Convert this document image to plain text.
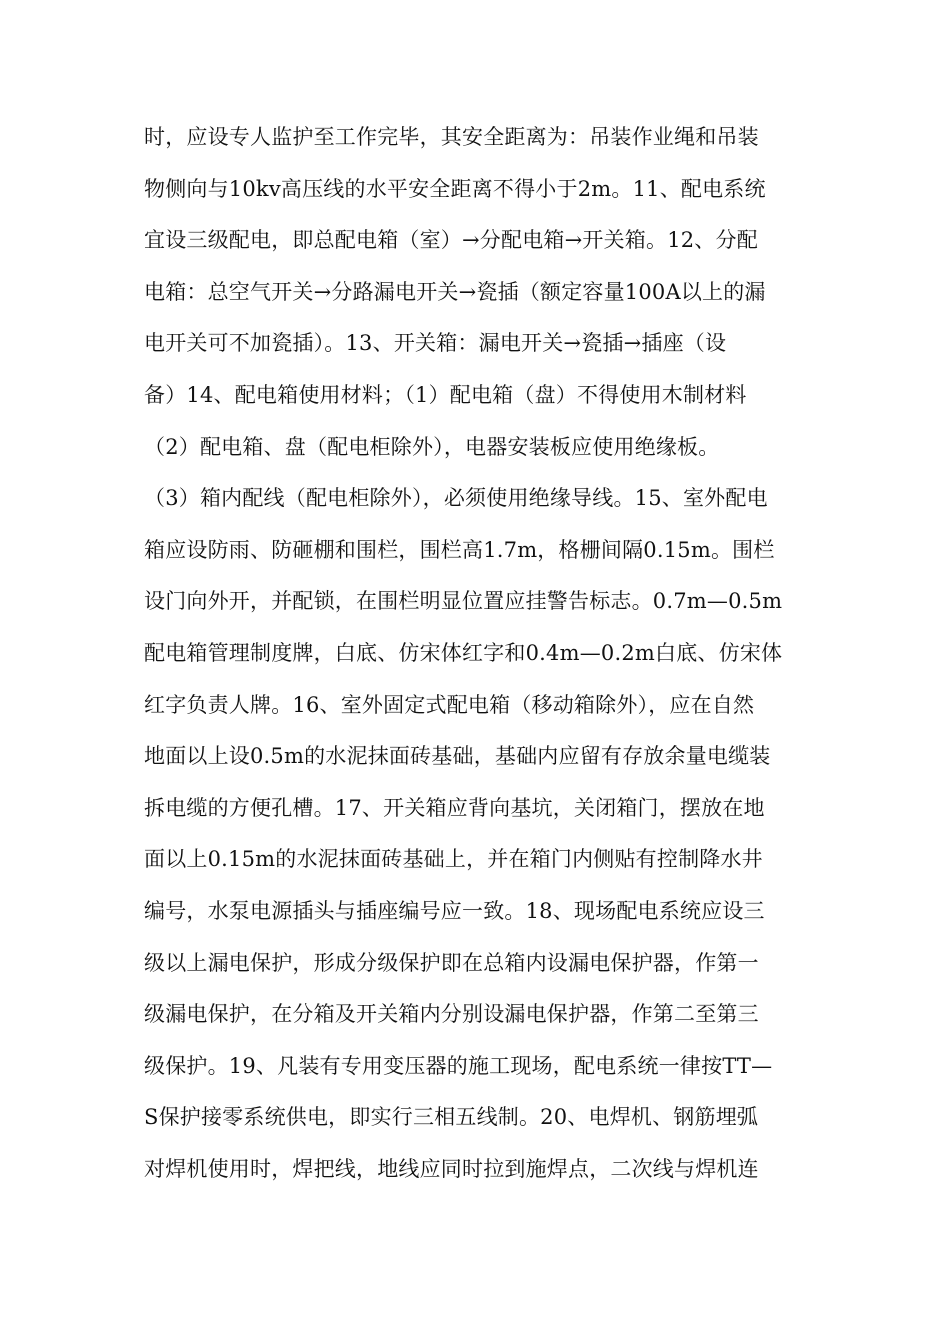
时，应设专人监护至工作完毕，其安全距离为：吊装作业绳和吊装
物侧向与10kv高压线的水平安全距离不得小于2m。11、配电系统
宜设三级配电，即总配电箱（室）→分配电箱→开关箱。12、分配
电箱：总空气开关→分路漏电开关→瓷插（额定容量100A以上的漏
电开关可不加瓷插）。13、开关箱：漏电开关→瓷插→插座（设
备）14、配电箱使用材料；（1）配电箱（盘）不得使用木制材料
（2）配电箱、盘（配电柜除外），电器安装板应使用绝缘板。
（3）箱内配线（配电柜除外），必须使用绝缘导线。15、室外配电
箱应设防雨、防砸棚和围栏，围栏高1.7m，格栅间隔0.15m。围栏
设门向外开，并配锁，在围栏明显位置应挂警告标志。0.7m—0.5m
配电箱管理制度牌，白底、仿宋体红字和0.4m—0.2m白底、仿宋体
红字负责人牌。16、室外固定式配电箱（移动箱除外），应在自然
地面以上设0.5m的水泥抹面砖基础，基础内应留有存放余量电缆装
拆电缆的方便孔槽。17、开关箱应背向基坑，关闭箱门，摆放在地
面以上0.15m的水泥抹面砖基础上，并在箱门内侧贴有控制降水井
编号，水泵电源插头与插座编号应一致。18、现场配电系统应设三
级以上漏电保护，形成分级保护即在总箱内设漏电保护器，作第一
级漏电保护，在分箱及开关箱内分别设漏电保护器，作第二至第三
级保护。19、凡装有专用变压器的施工现场，配电系统一律按TT—
S保护接零系统供电，即实行三相五线制。20、电焊机、钢筋埋弧
对焊机使用时，焊把线，地线应同时拉到施焊点，二次线与焊机连
